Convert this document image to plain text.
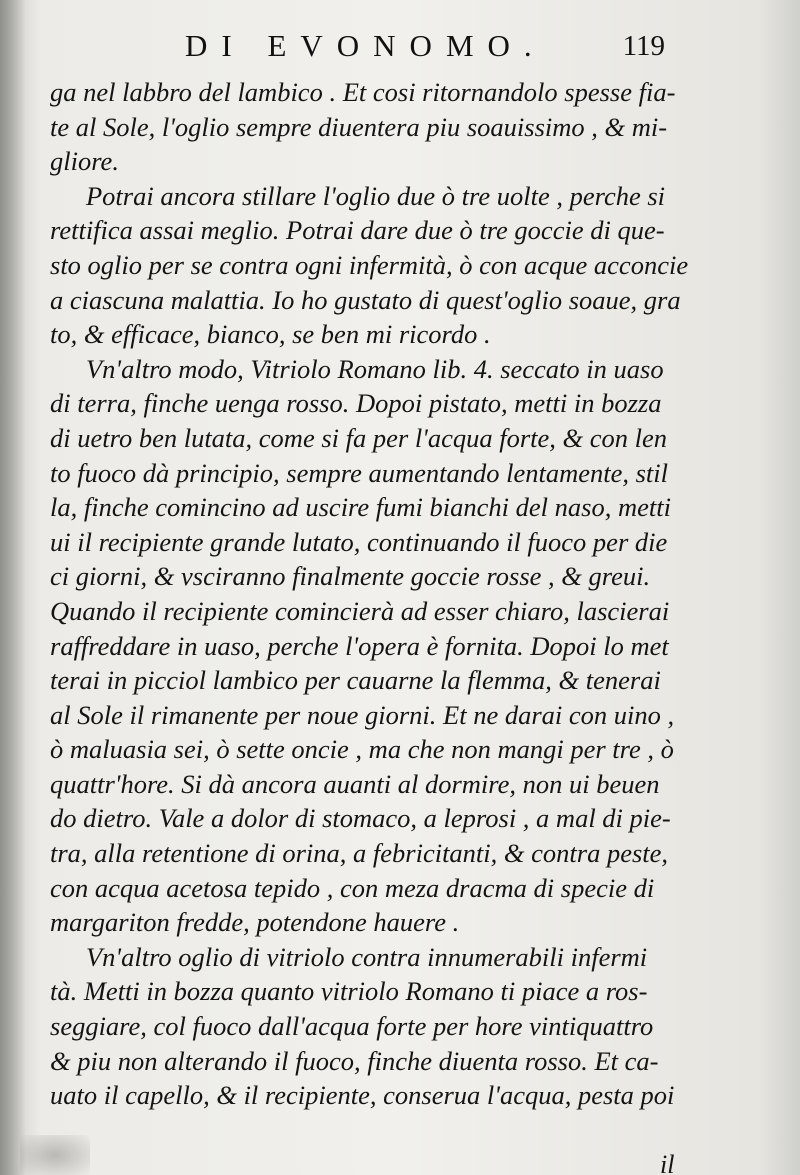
DI EVONOMO.	119
ga nel labbro del lambico . Et cosi ritornandolo spesse fia-
te al Sole, l'oglio sempre diuentera piu soauissimo , & mi-
gliore.
Potrai ancora stillare l'oglio due ò tre uolte , perche si
rettifica assai meglio. Potrai dare due ò tre goccie di que-
sto oglio per se contra ogni infermità, ò con acque acconcie
a ciascuna malattia. Io ho gustato di quest'oglio soaue, gra
to, & efficace, bianco, se ben mi ricordo .
Vn'altro modo, Vitriolo Romano lib. 4. seccato in uaso
di terra, finche uenga rosso. Dopoi pistato, metti in bozza
di uetro ben lutata, come si fa per l'acqua forte, & con len
to fuoco dà principio, sempre aumentando lentamente, stil
la, finche comincino ad uscire fumi bianchi del naso, metti
ui il recipiente grande lutato, continuando il fuoco per die
ci giorni, & vsciranno finalmente goccie rosse , & greui.
Quando il recipiente comincierà ad esser chiaro, lascierai
raffreddare in uaso, perche l'opera è fornita. Dopoi lo met
terai in picciol lambico per cauarne la flemma, & tenerai
al Sole il rimanente per noue giorni. Et ne darai con uino ,
ò maluasia sei, ò sette oncie , ma che non mangi per tre , ò
quattr'hore. Si dà ancora auanti al dormire, non ui beuen
do dietro. Vale a dolor di stomaco, a leprosi , a mal di pie-
tra, alla retentione di orina, a febricitanti, & contra peste,
con acqua acetosa tepido , con meza dracma di specie di
margariton fredde, potendone hauere .
Vn'altro oglio di vitriolo contra innumerabili infermi
tà. Metti in bozza quanto vitriolo Romano ti piace a ros-
seggiare, col fuoco dall'acqua forte per hore vintiquattro
& piu non alterando il fuoco, finche diuenta rosso. Et ca-
uato il capello, & il recipiente, conserua l'acqua, pesta poi
il
